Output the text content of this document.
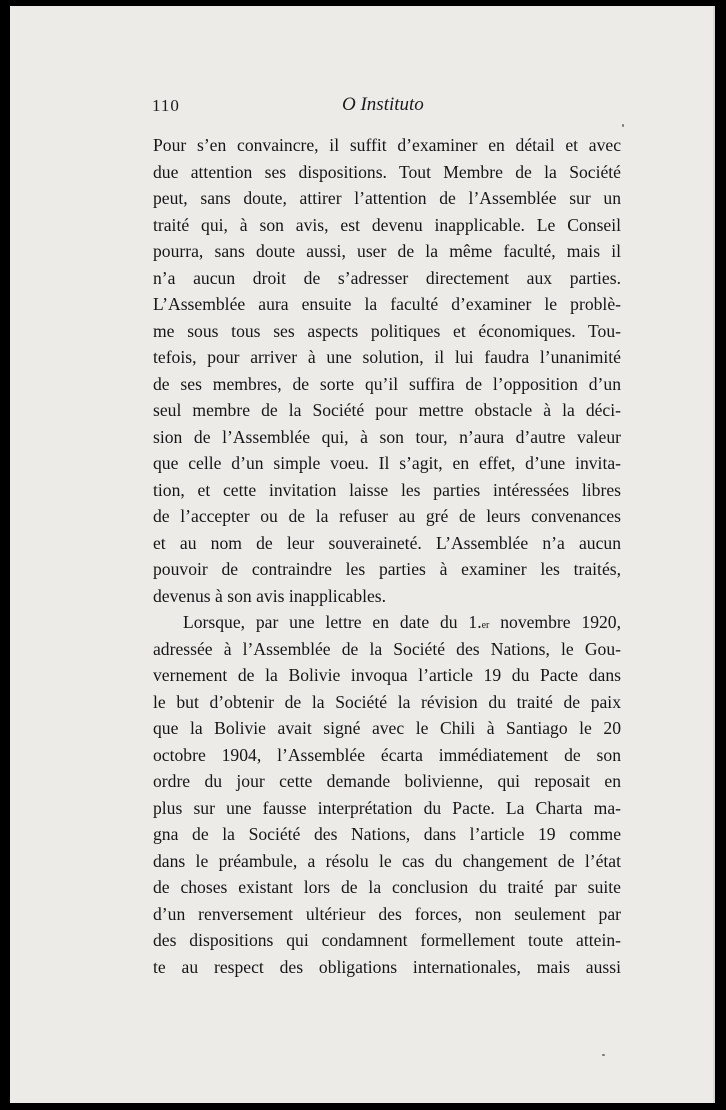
110	O Instituto
Pour s’en convaincre, il suffit d’examiner en détail et avec
due attention ses dispositions. Tout Membre de la Société
peut, sans doute, attirer l’attention de l’Assemblée sur un
traité qui, à son avis, est devenu inapplicable. Le Conseil
pourra, sans doute aussi, user de la même faculté, mais il
n’a aucun droit de s’adresser directement aux parties.
L’Assemblée aura ensuite la faculté d’examiner le problè-
me sous tous ses aspects politiques et économiques. Tou-
tefois, pour arriver à une solution, il lui faudra l’unanimité
de ses membres, de sorte qu’il suffira de l’opposition d’un
seul membre de la Société pour mettre obstacle à la déci-
sion de l’Assemblée qui, à son tour, n’aura d’autre valeur
que celle d’un simple voeu. Il s’agit, en effet, d’une invita-
tion, et cette invitation laisse les parties intéressées libres
de l’accepter ou de la refuser au gré de leurs convenances
et au nom de leur souveraineté. L’Assemblée n’a aucun
pouvoir de contraindre les parties à examiner les traités,
devenus à son avis inapplicables.
Lorsque, par une lettre en date du 1.$^{er}$ novembre 1920,
adressée à l’Assemblée de la Société des Nations, le Gou-
vernement de la Bolivie invoqua l’article 19 du Pacte dans
le but d’obtenir de la Société la révision du traité de paix
que la Bolivie avait signé avec le Chili à Santiago le 20
octobre 1904, l’Assemblée écarta immédiatement de son
ordre du jour cette demande bolivienne, qui reposait en
plus sur une fausse interprétation du Pacte. La Charta ma-
gna de la Société des Nations, dans l’article 19 comme
dans le préambule, a résolu le cas du changement de l’état
de choses existant lors de la conclusion du traité par suite
d’un renversement ultérieur des forces, non seulement par
des dispositions qui condamnent formellement toute attein-
te au respect des obligations internationales, mais aussi
